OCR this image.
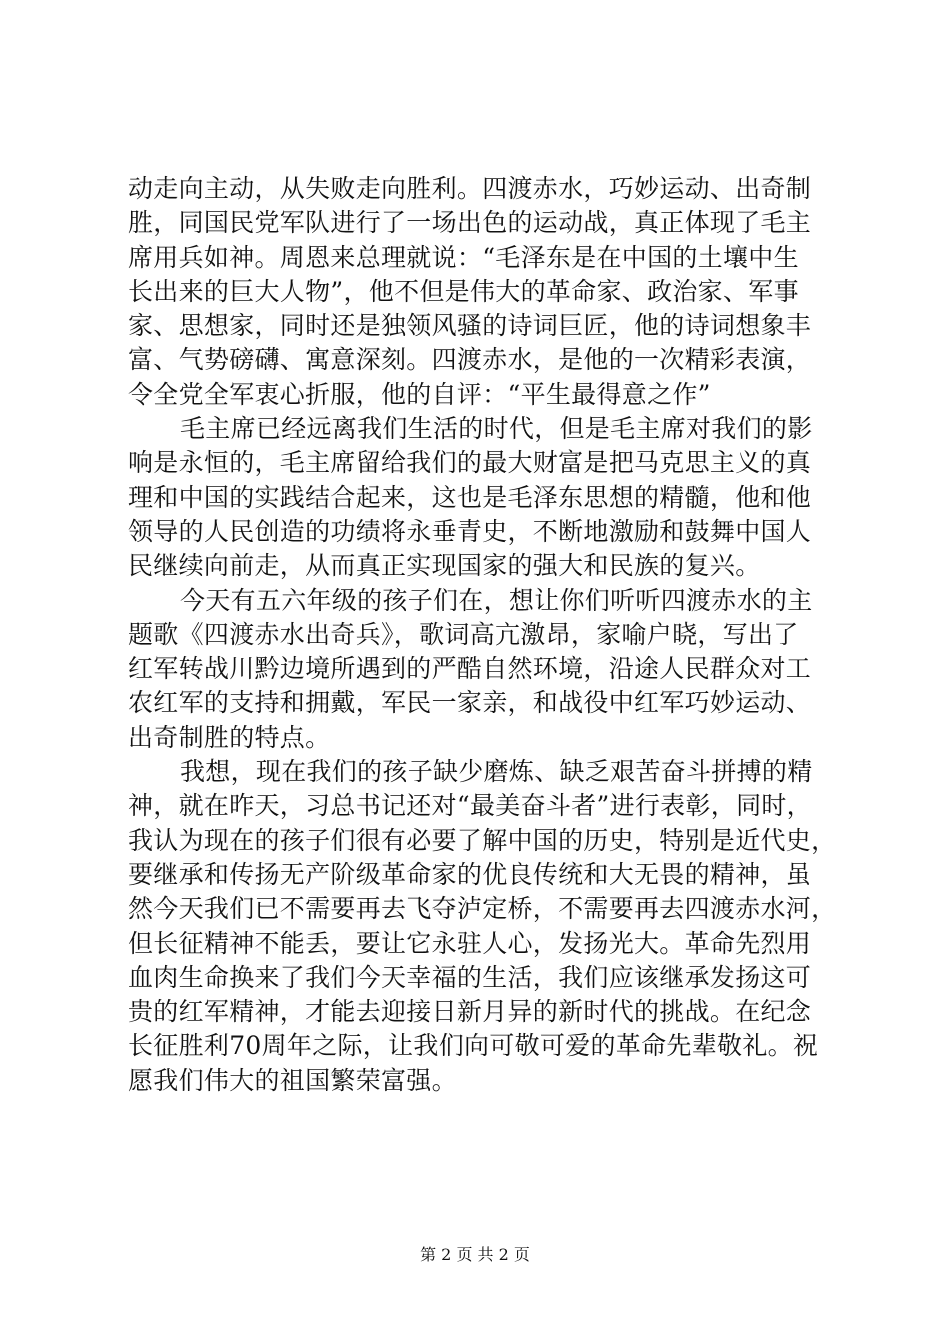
动走向主动，从失败走向胜利。四渡赤水，巧妙运动、出奇制
胜，同国民党军队进行了一场出色的运动战，真正体现了毛主
席用兵如神。周恩来总理就说：“毛泽东是在中国的土壤中生
长出来的巨大人物”，他不但是伟大的革命家、政治家、军事
家、思想家，同时还是独领风骚的诗词巨匠，他的诗词想象丰
富、气势磅礴、寓意深刻。四渡赤水，是他的一次精彩表演，
令全党全军衷心折服，他的自评：“平生最得意之作”
毛主席已经远离我们生活的时代，但是毛主席对我们的影
响是永恒的，毛主席留给我们的最大财富是把马克思主义的真
理和中国的实践结合起来，这也是毛泽东思想的精髓，他和他
领导的人民创造的功绩将永垂青史，不断地激励和鼓舞中国人
民继续向前走，从而真正实现国家的强大和民族的复兴。
今天有五六年级的孩子们在，想让你们听听四渡赤水的主
题歌《四渡赤水出奇兵》，歌词高亢激昂，家喻户晓，写出了
红军转战川黔边境所遇到的严酷自然环境，沿途人民群众对工
农红军的支持和拥戴，军民一家亲，和战役中红军巧妙运动、
出奇制胜的特点。
我想，现在我们的孩子缺少磨炼、缺乏艰苦奋斗拼搏的精
神，就在昨天，习总书记还对“最美奋斗者”进行表彰，同时，
我认为现在的孩子们很有必要了解中国的历史，特别是近代史，
要继承和传扬无产阶级革命家的优良传统和大无畏的精神，虽
然今天我们已不需要再去飞夺泸定桥，不需要再去四渡赤水河，
但长征精神不能丢，要让它永驻人心，发扬光大。革命先烈用
血肉生命换来了我们今天幸福的生活，我们应该继承发扬这可
贵的红军精神，才能去迎接日新月异的新时代的挑战。在纪念
长征胜利70周年之际，让我们向可敬可爱的革命先辈敬礼。祝
愿我们伟大的祖国繁荣富强。
第 2 页 共 2 页
